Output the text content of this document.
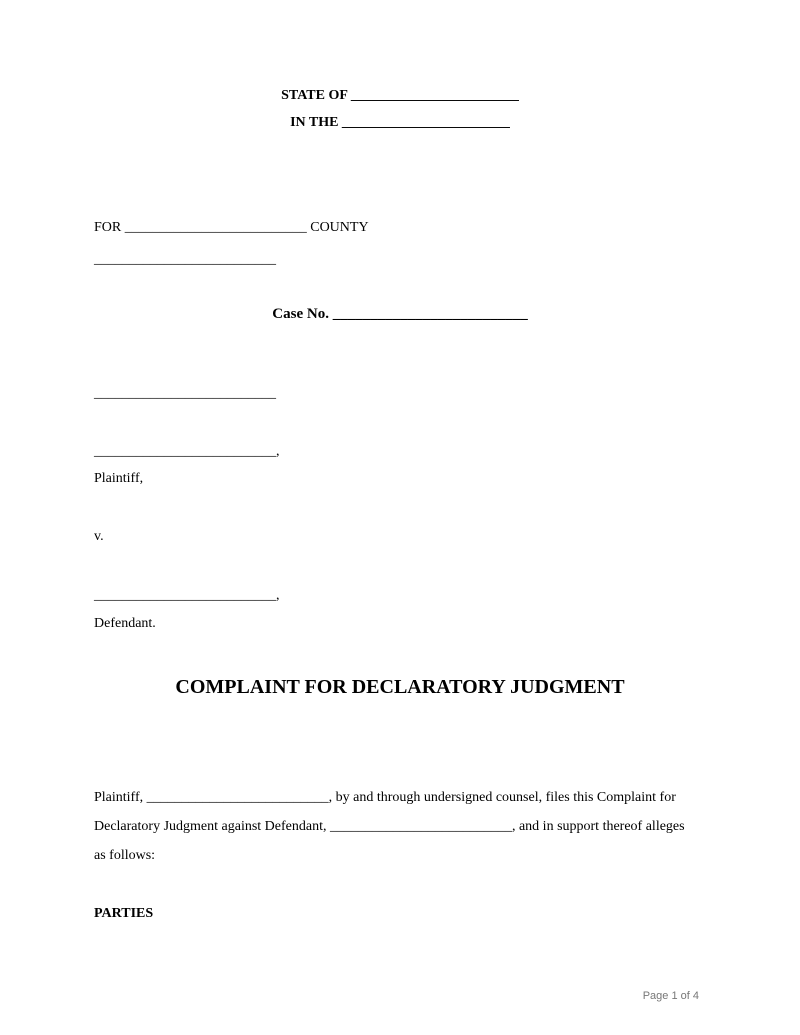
STATE OF ________________________
IN THE ________________________
FOR __________________________ COUNTY
__________________________
Case No. __________________________
__________________________
__________________________,
Plaintiff,
v.
__________________________,
Defendant.
COMPLAINT FOR DECLARATORY JUDGMENT
Plaintiff, __________________________, by and through undersigned counsel, files this Complaint for
Declaratory Judgment against Defendant, __________________________, and in support thereof alleges
as follows:
PARTIES
Page 1 of 4
